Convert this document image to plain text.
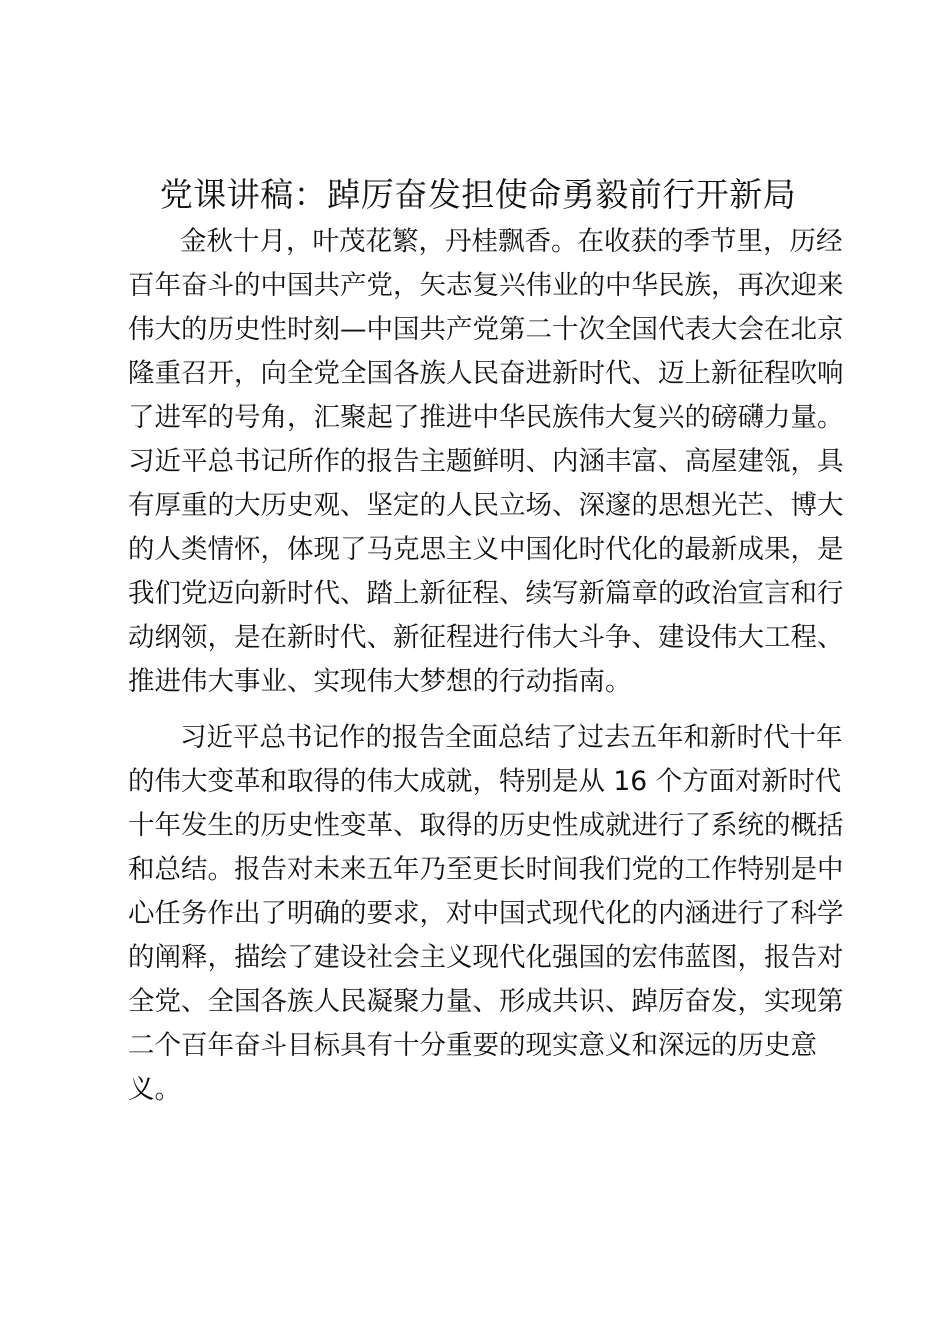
党课讲稿：踔厉奋发担使命勇毅前行开新局

金秋十月，叶茂花繁，丹桂飘香。在收获的季节里，历经

百年奋斗的中国共产党，矢志复兴伟业的中华民族，再次迎来

伟大的历史性时刻—中国共产党第二十次全国代表大会在北京

隆重召开，向全党全国各族人民奋进新时代、迈上新征程吹响

了进军的号角，汇聚起了推进中华民族伟大复兴的磅礴力量。

习近平总书记所作的报告主题鲜明、内涵丰富、高屋建瓴，具

有厚重的大历史观、坚定的人民立场、深邃的思想光芒、博大

的人类情怀，体现了马克思主义中国化时代化的最新成果，是

我们党迈向新时代、踏上新征程、续写新篇章的政治宣言和行

动纲领，是在新时代、新征程进行伟大斗争、建设伟大工程、

推进伟大事业、实现伟大梦想的行动指南。

习近平总书记作的报告全面总结了过去五年和新时代十年

的伟大变革和取得的伟大成就，特别是从 16 个方面对新时代

十年发生的历史性变革、取得的历史性成就进行了系统的概括

和总结。报告对未来五年乃至更长时间我们党的工作特别是中

心任务作出了明确的要求，对中国式现代化的内涵进行了科学

的阐释，描绘了建设社会主义现代化强国的宏伟蓝图，报告对

全党、全国各族人民凝聚力量、形成共识、踔厉奋发，实现第

二个百年奋斗目标具有十分重要的现实意义和深远的历史意

义。
